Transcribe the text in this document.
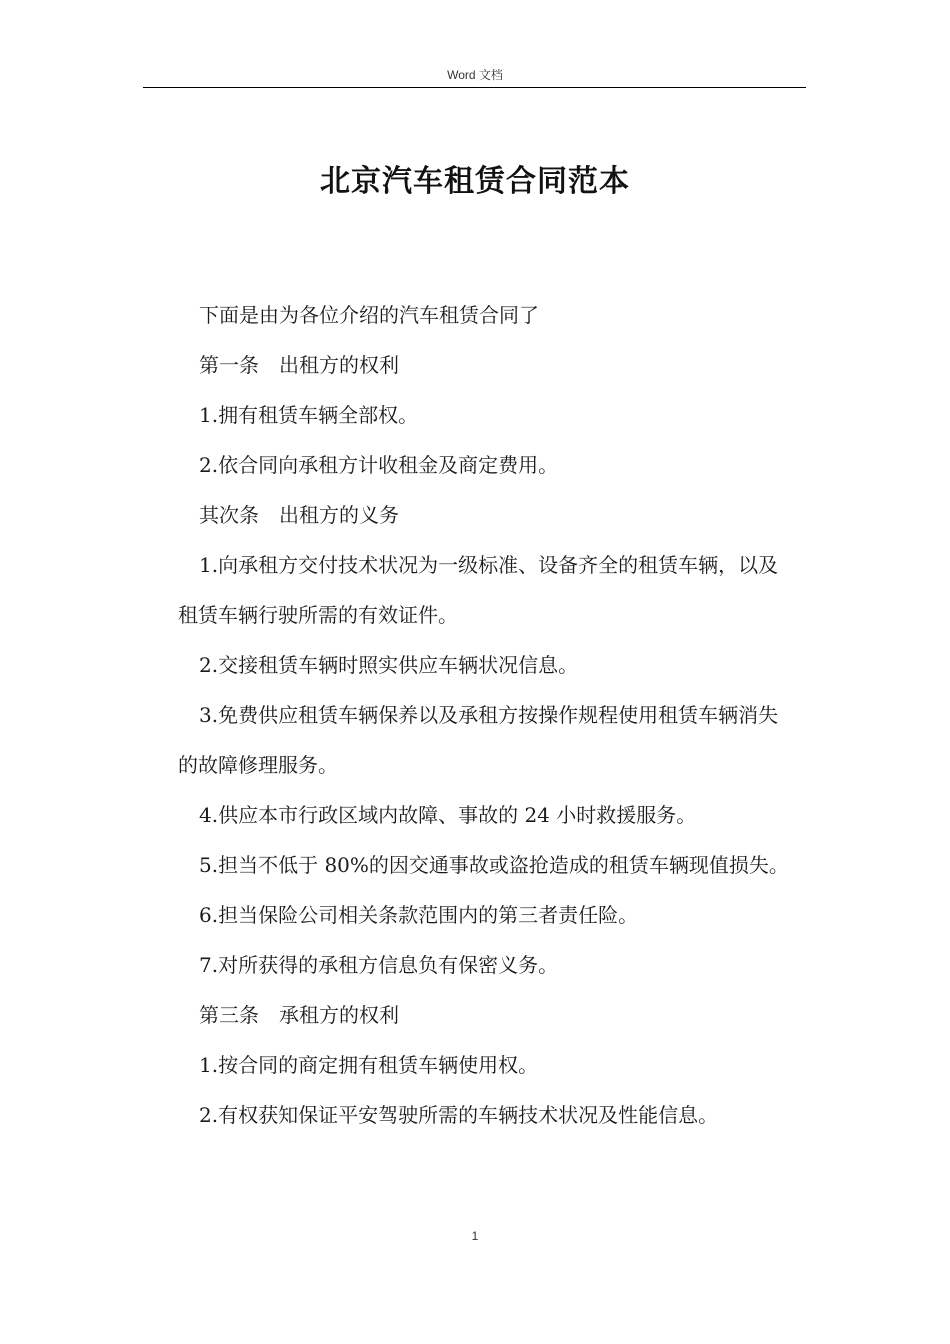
Word 文档
北京汽车租赁合同范本

下面是由为各位介绍的汽车租赁合同了

第一条　出租方的权利

1.拥有租赁车辆全部权。

2.依合同向承租方计收租金及商定费用。

其次条　出租方的义务

1.向承租方交付技术状况为一级标准、设备齐全的租赁车辆，以及租赁车辆行驶所需的有效证件。

2.交接租赁车辆时照实供应车辆状况信息。

3.免费供应租赁车辆保养以及承租方按操作规程使用租赁车辆消失的故障修理服务。

4.供应本市行政区域内故障、事故的 24 小时救援服务。

5.担当不低于 80%的因交通事故或盗抢造成的租赁车辆现值损失。

6.担当保险公司相关条款范围内的第三者责任险。

7.对所获得的承租方信息负有保密义务。

第三条　承租方的权利

1.按合同的商定拥有租赁车辆使用权。

2.有权获知保证平安驾驶所需的车辆技术状况及性能信息。

1
